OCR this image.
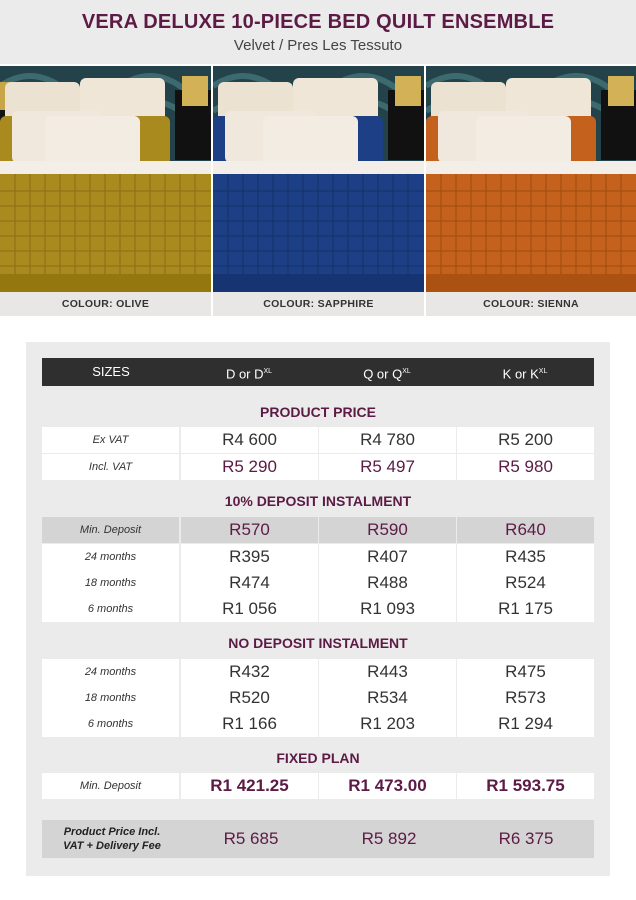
VERA DELUXE 10-PIECE BED QUILT ENSEMBLE
Velvet / Pres Les Tessuto
COLOUR: OLIVE	COLOUR: SAPPHIRE	COLOUR: SIENNA
SIZES	D or $D^{XL}$	Q or $Q^{XL}$	K or $K^{XL}$
PRODUCT PRICE
Ex VAT	R4 600	R4 780	R5 200
Incl. VAT	R5 290	R5 497	R5 980
10% DEPOSIT INSTALMENT
Min. Deposit	R570	R590	R640
24 months	R395	R407	R435
18 months	R474	R488	R524
6 months	R1 056	R1 093	R1 175
NO DEPOSIT INSTALMENT
24 months	R432	R443	R475
18 months	R520	R534	R573
6 months	R1 166	R1 203	R1 294
FIXED PLAN
Min. Deposit	R1 421.25	R1 473.00	R1 593.75
Product Price Incl.
VAT + Delivery Fee	R5 685	R5 892	R6 375
